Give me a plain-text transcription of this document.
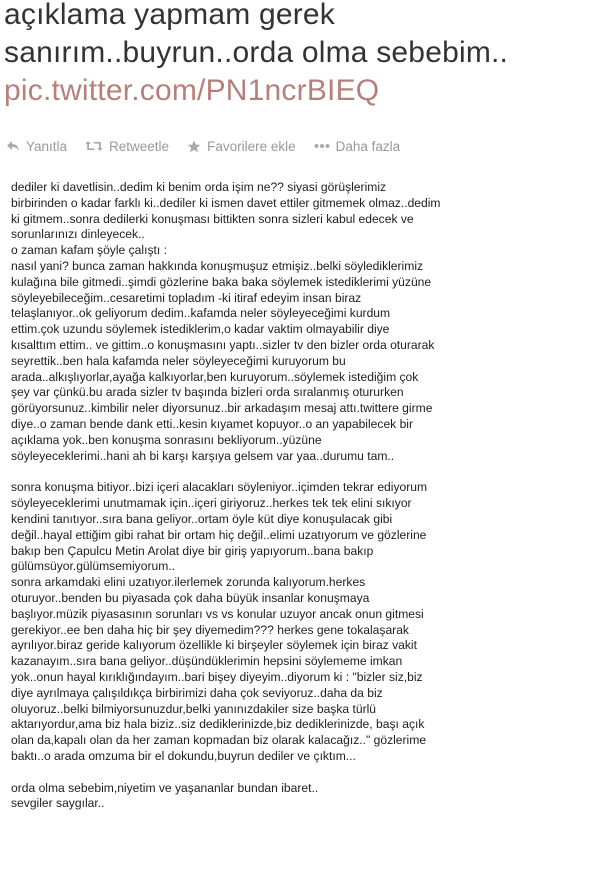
açıklama yapmam gerek
sanırım..buyrun..orda olma sebebim..
pic.twitter.com/PN1ncrBIEQ
Yanıtla	Retweetle	Favorilere ekle	Daha fazla
dediler ki davetlisin..dedim ki benim orda işim ne?? siyasi görüşlerimiz
birbirinden o kadar farklı ki..dediler ki ismen davet ettiler gitmemek olmaz..dedim
ki gitmem..sonra dedilerki konuşması bittikten sonra sizleri kabul edecek ve
sorunlarınızı dinleyecek..
o zaman kafam şöyle çalıştı :
nasıl yani? bunca zaman hakkında konuşmuşuz etmişiz..belki söylediklerimiz
kulağına bile gitmedi..şimdi gözlerine baka baka söylemek istediklerimi yüzüne
söyleyebileceğim..cesaretimi topladım -ki itiraf edeyim insan biraz
telaşlanıyor..ok geliyorum dedim..kafamda neler söyleyeceğimi kurdum
ettim.çok uzundu söylemek istediklerim,o kadar vaktim olmayabilir diye
kısalttım ettim.. ve gittim..o konuşmasını yaptı..sizler tv den bizler orda oturarak
seyrettik..ben hala kafamda neler söyleyeceğimi kuruyorum bu
arada..alkışlıyorlar,ayağa kalkıyorlar,ben kuruyorum..söylemek istediğim çok
şey var çünkü.bu arada sizler tv başında bizleri orda sıralanmış otururken
görüyorsunuz..kimbilir neler diyorsunuz..bir arkadaşım mesaj attı.twittere girme
diye..o zaman bende dank etti..kesin kıyamet kopuyor..o an yapabilecek bir
açıklama yok..ben konuşma sonrasını bekliyorum..yüzüne
söyleyeceklerimi..hani ah bi karşı karşıya gelsem var yaa..durumu tam..
sonra konuşma bitiyor..bizi içeri alacakları söyleniyor..içimden tekrar ediyorum
söyleyeceklerimi unutmamak için..içeri giriyoruz..herkes tek tek elini sıkıyor
kendini tanıtıyor..sıra bana geliyor..ortam öyle küt diye konuşulacak gibi
değil..hayal ettiğim gibi rahat bir ortam hiç değil..elimi uzatıyorum ve gözlerine
bakıp ben Çapulcu Metin Arolat diye bir giriş yapıyorum..bana bakıp
gülümsüyor.gülümsemiyorum..
sonra arkamdaki elini uzatıyor.ilerlemek zorunda kalıyorum.herkes
oturuyor..benden bu piyasada çok daha büyük insanlar konuşmaya
başlıyor.müzik piyasasının sorunları vs vs konular uzuyor ancak onun gitmesi
gerekiyor..ee ben daha hiç bir şey diyemedim??? herkes gene tokalaşarak
ayrılıyor.biraz geride kalıyorum özellikle ki birşeyler söylemek için biraz vakit
kazanayım..sıra bana geliyor..düşündüklerimin hepsini söylememe imkan
yok..onun hayal kırıklığındayım..bari bişey diyeyim..diyorum ki : "bizler siz,biz
diye ayrılmaya çalışıldıkça birbirimizi daha çok seviyoruz..daha da biz
oluyoruz..belki bilmiyorsunuzdur,belki yanınızdakiler size başka türlü
aktarıyordur,ama biz hala biziz..siz dediklerinizde,biz dediklerinizde, başı açık
olan da,kapalı olan da her zaman kopmadan biz olarak kalacağız.." gözlerime
baktı..o arada omzuma bir el dokundu,buyrun dediler ve çıktım...
orda olma sebebim,niyetim ve yaşananlar bundan ibaret..
sevgiler saygılar..
